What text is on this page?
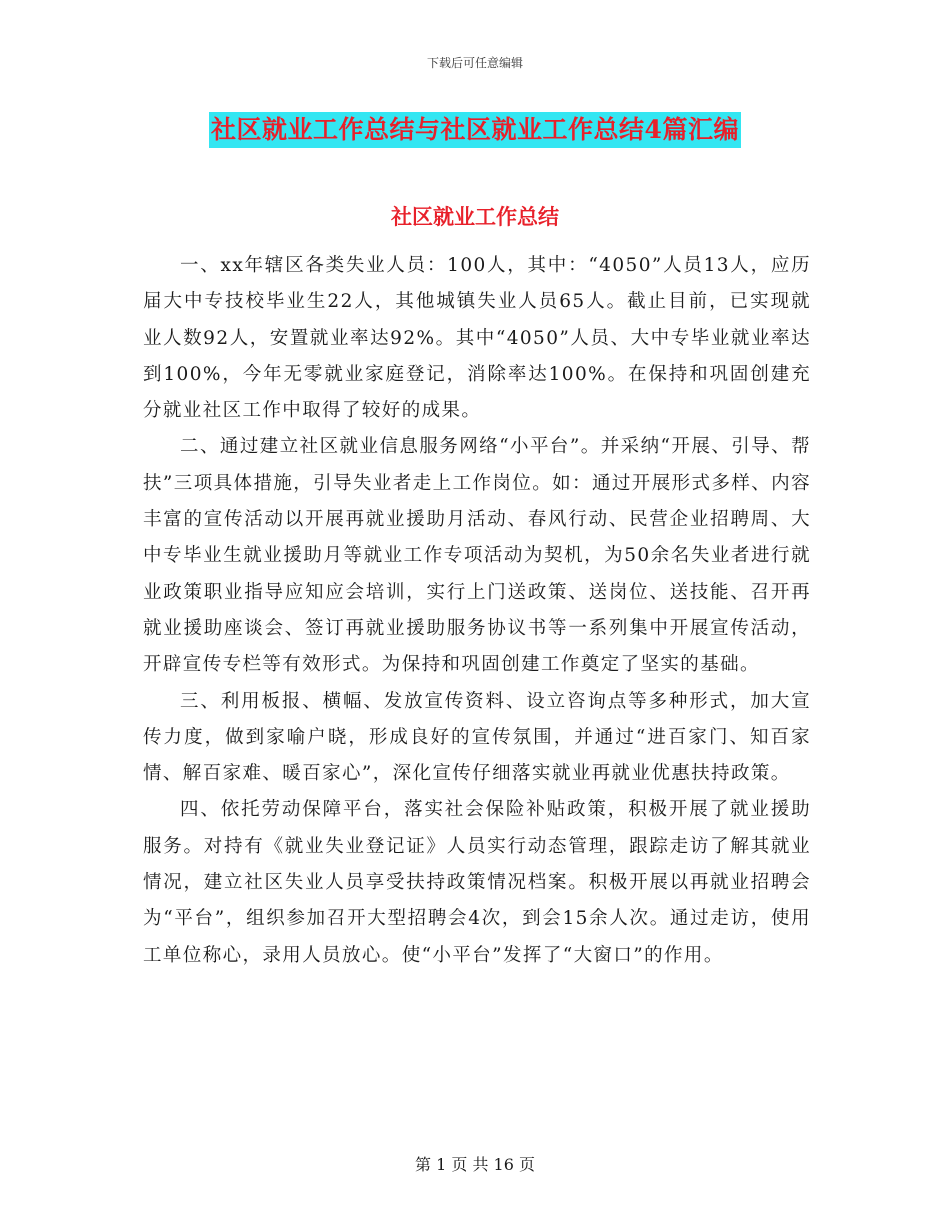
下载后可任意编辑
社区就业工作总结与社区就业工作总结4篇汇编
社区就业工作总结

一、xx年辖区各类失业人员：100人，其中：“4050”人员13人，应历届大中专技校毕业生22人，其他城镇失业人员65人。截止目前，已实现就业人数92人，安置就业率达92%。其中“4050”人员、大中专毕业就业率达到100%，今年无零就业家庭登记，消除率达100%。在保持和巩固创建充分就业社区工作中取得了较好的成果。

二、通过建立社区就业信息服务网络“小平台”。并采纳“开展、引导、帮扶”三项具体措施，引导失业者走上工作岗位。如：通过开展形式多样、内容丰富的宣传活动以开展再就业援助月活动、春风行动、民营企业招聘周、大中专毕业生就业援助月等就业工作专项活动为契机，为50余名失业者进行就业政策职业指导应知应会培训，实行上门送政策、送岗位、送技能、召开再就业援助座谈会、签订再就业援助服务协议书等一系列集中开展宣传活动，开辟宣传专栏等有效形式。为保持和巩固创建工作奠定了坚实的基础。

三、利用板报、横幅、发放宣传资料、设立咨询点等多种形式，加大宣传力度，做到家喻户晓，形成良好的宣传氛围，并通过“进百家门、知百家情、解百家难、暖百家心”，深化宣传仔细落实就业再就业优惠扶持政策。

四、依托劳动保障平台，落实社会保险补贴政策，积极开展了就业援助服务。对持有《就业失业登记证》人员实行动态管理，跟踪走访了解其就业情况，建立社区失业人员享受扶持政策情况档案。积极开展以再就业招聘会为“平台”，组织参加召开大型招聘会4次，到会15余人次。通过走访，使用工单位称心，录用人员放心。使“小平台”发挥了“大窗口”的作用。

第 1 页 共 16 页
